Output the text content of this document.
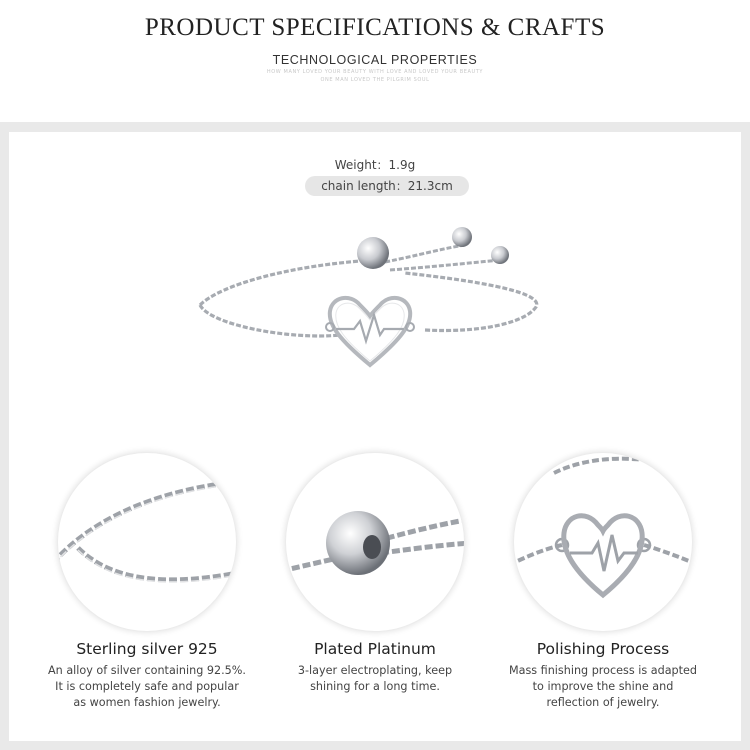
PRODUCT SPECIFICATIONS & CRAFTS
TECHNOLOGICAL PROPERTIES
HOW MANY LOVED YOUR BEAUTY WITH LOVE AND LOVED YOUR BEAUTY
ONE MAN LOVED THE PILGRIM SOUL
Weight：1.9g
chain length：21.3cm
Sterling silver 925
An alloy of silver containing 92.5%.
It is completely safe and popular
as women fashion jewelry.
Plated Platinum
3-layer electroplating, keep
shining for a long time.
Polishing Process
Mass finishing process is adapted
to improve the shine and
reflection of jewelry.
